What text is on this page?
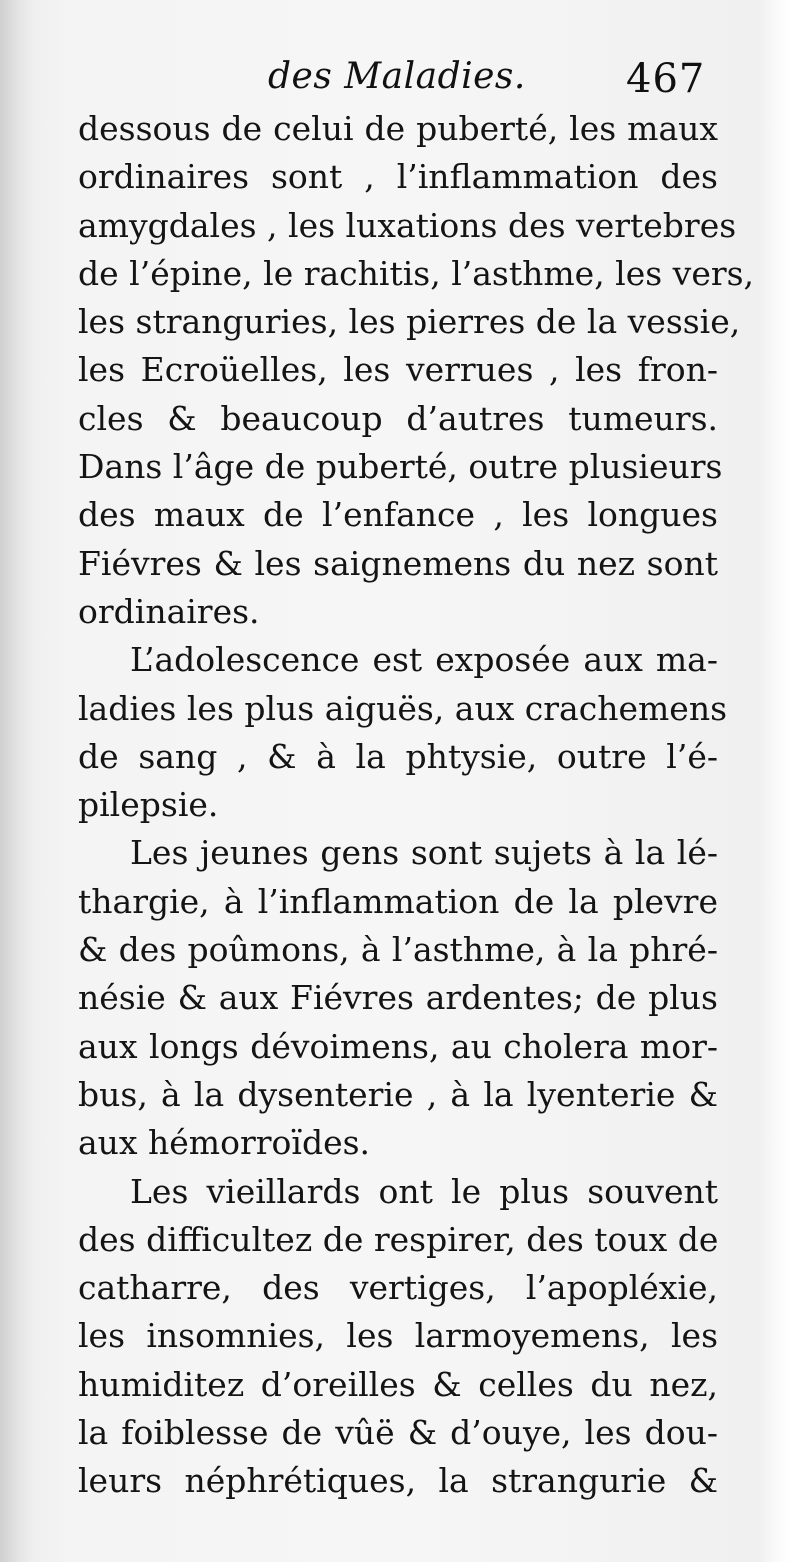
des Maladies.	467
dessous de celui de puberté, les maux
ordinaires sont , l’inflammation des
amygdales , les luxations des vertebres
de l’épine, le rachitis, l’asthme, les vers,
les stranguries, les pierres de la vessie,
les Ecroüelles, les verrues , les fron-
cles & beaucoup d’autres tumeurs.
Dans l’âge de puberté, outre plusieurs
des maux de l’enfance , les longues
Fiévres & les saignemens du nez sont
ordinaires.
L’adolescence est exposée aux ma-
ladies les plus aiguës, aux crachemens
de sang , & à la phtysie, outre l’é-
pilepsie.
Les jeunes gens sont sujets à la lé-
thargie, à l’inflammation de la plevre
& des poûmons, à l’asthme, à la phré-
nésie & aux Fiévres ardentes; de plus
aux longs dévoimens, au cholera mor-
bus, à la dysenterie , à la lyenterie &
aux hémorroïdes.
Les vieillards ont le plus souvent
des difficultez de respirer, des toux de
catharre, des vertiges, l’apopléxie,
les insomnies, les larmoyemens, les
humiditez d’oreilles & celles du nez,
la foiblesse de vûë & d’ouye, les dou-
leurs néphrétiques, la strangurie &
